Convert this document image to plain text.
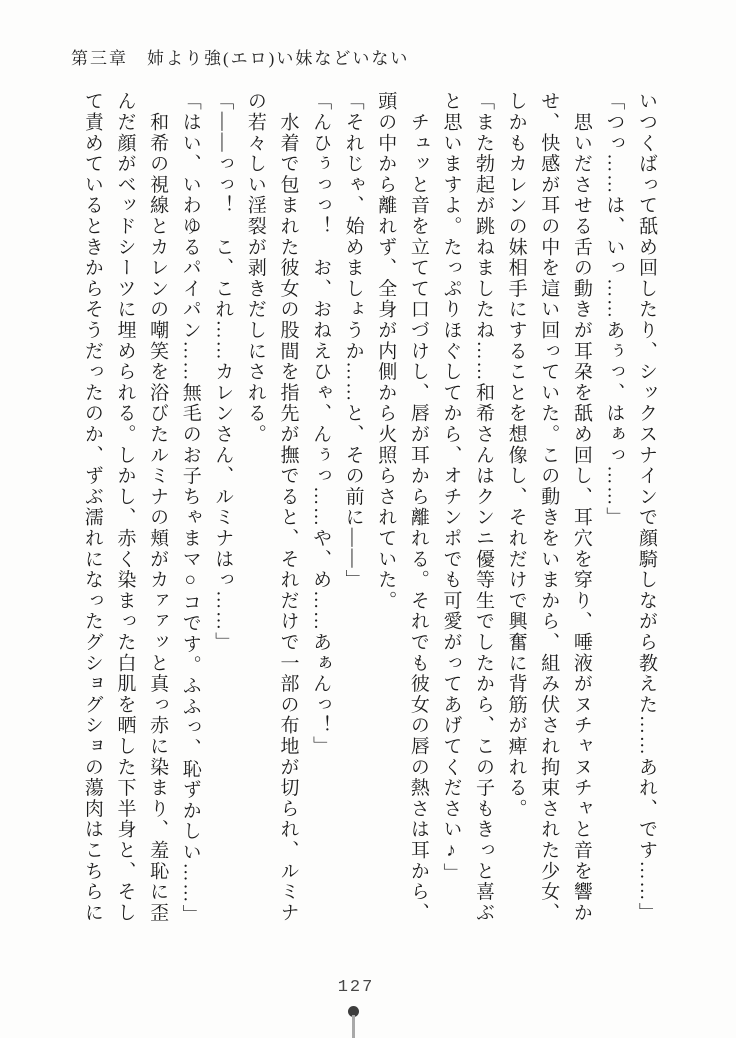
第三章　姉より強(エロ)い妹などいない

いつくばって舐め回したり、シックスナインで顔騎しながら教えた……あれ、です……」

「つっ……は、いっ……あぅっ、はぁっ……」

　思いださせる舌の動きが耳朶を舐め回し、耳穴を穿り、唾液がヌチャヌチャと音を響か

せ、快感が耳の中を這い回っていた。この動きをいまから、組み伏され拘束された少女、

しかもカレンの妹相手にすることを想像し、それだけで興奮に背筋が痺れる。

「また勃起が跳ねましたね……和希さんはクンニ優等生でしたから、この子もきっと喜ぶ

と思いますよ。たっぷりほぐしてから、オチンポでも可愛がってあげてください♪」

　チュッと音を立てて口づけし、唇が耳から離れる。それでも彼女の唇の熱さは耳から、

頭の中から離れず、全身が内側から火照らされていた。

「それじゃ、始めましょうか……と、その前に――」

「んひぅっっ！　お、おねえひゃ、んぅっ……や、め……あぁんっ！」

　水着で包まれた彼女の股間を指先が撫でると、それだけで一部の布地が切られ、ルミナ

の若々しい淫裂が剥きだしにされる。

「――っっ！　こ、これ……カレンさん、ルミナはっ……」

「はい、いわゆるパイパン……無毛のお子ちゃまマ○コです。ふふっ、恥ずかしい……」

　和希の視線とカレンの嘲笑を浴びたルミナの頬がカァァッと真っ赤に染まり、羞恥に歪

んだ顔がベッドシーツに埋められる。しかし、赤く染まった白肌を晒した下半身と、そし

て責めているときからそうだったのか、ずぶ濡れになったグショグショの蕩肉はこちらに

127
